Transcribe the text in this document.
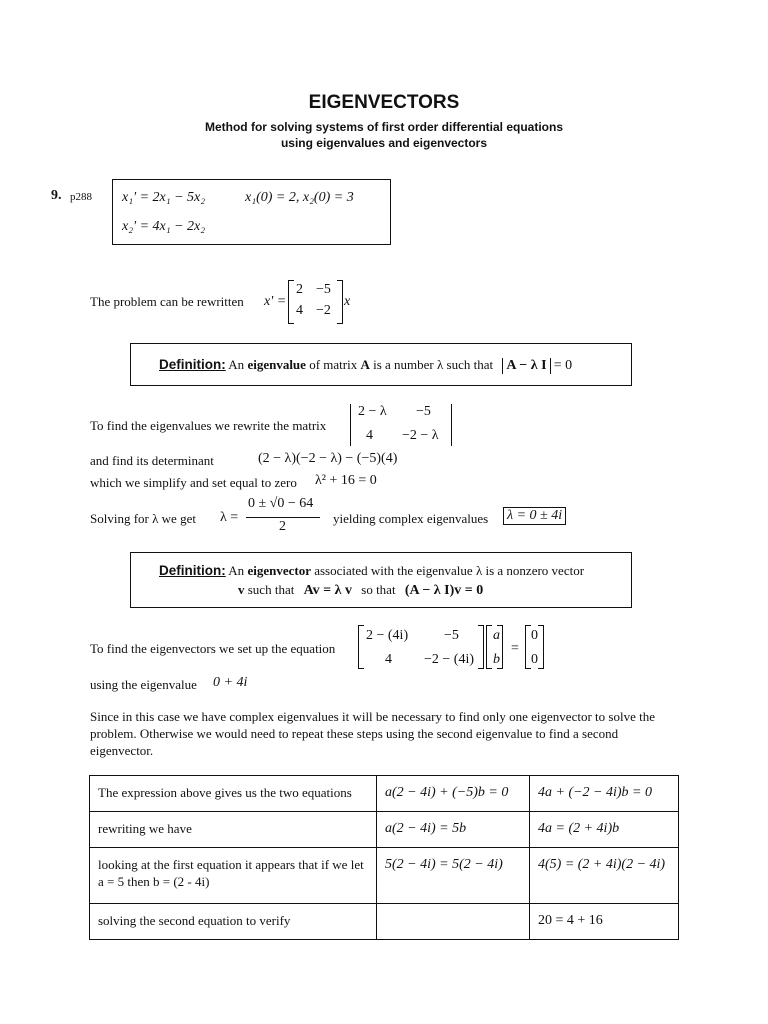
EIGENVECTORS
Method for solving systems of first order differential equations
using eigenvalues and eigenvectors
9. p288 x₁' = 2x₁ − 5x₂	x₁(0) = 2, x₂(0) = 3
x₂' = 4x₁ − 2x₂
The problem can be rewritten x' =
2 −5
4 −2
x
Definition: An eigenvalue of matrix A is a number λ such that A − λ I = 0
To find the eigenvalues we rewrite the matrix
2 − λ −5
4 −2 − λ
and find its determinant	(2 − λ)(−2 − λ) − (−5)(4)
which we simplify and set equal to zero λ² + 16 = 0
Solving for λ we get λ =
0 ± √0 − 64
2
yielding complex eigenvalues λ = 0 ± 4i
Definition: An eigenvector associated with the eigenvalue λ is a nonzero vector
v such that Av = λ v so that (A − λ I)v = 0
To find the eigenvectors we set up the equation
2 − (4i)	−5
4 −2 − (4i)
a
b
=
0
0
using the eigenvalue 0 + 4i
Since in this case we have complex eigenvalues it will be necessary to find only one eigenvector to solve the problem. Otherwise we would need to repeat these steps using the second eigenvalue to find a second eigenvector.
The expression above gives us the two equations	a(2 − 4i) + (−5)b = 0	4a + (−2 − 4i)b = 0
rewriting we have	a(2 − 4i) = 5b	4a = (2 + 4i)b
looking at the first equation it appears that if we let a = 5 then b = (2 - 4i)	5(2 − 4i) = 5(2 − 4i)	4(5) = (2 + 4i)(2 − 4i)
solving the second equation to verify		20 = 4 + 16
